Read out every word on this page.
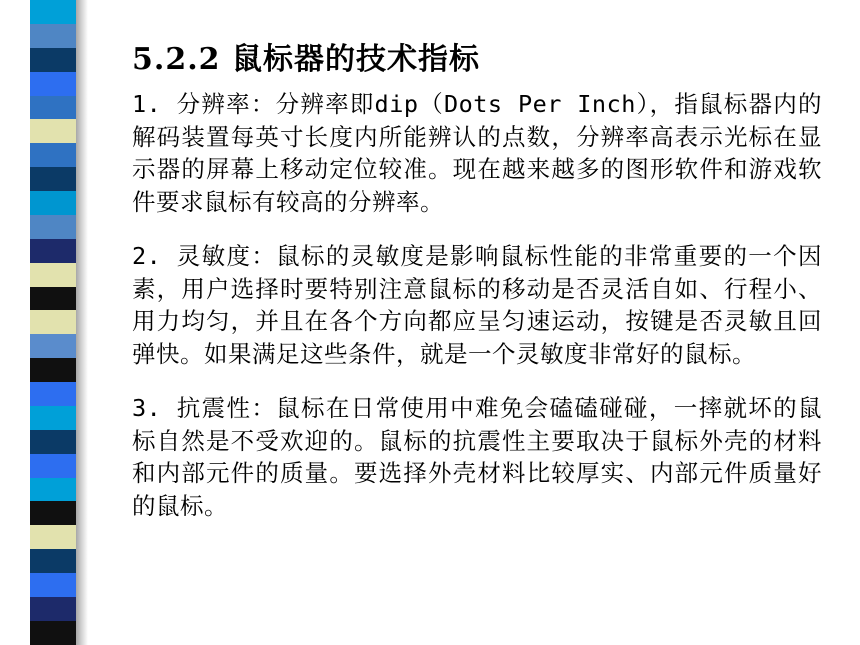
5.2.2 鼠标器的技术指标

1. 分辨率：分辨率即dip（Dots Per Inch），指鼠标器内的解码装置每英寸长度内所能辨认的点数，分辨率高表示光标在显示器的屏幕上移动定位较准。现在越来越多的图形软件和游戏软件要求鼠标有较高的分辨率。

2. 灵敏度：鼠标的灵敏度是影响鼠标性能的非常重要的一个因素，用户选择时要特别注意鼠标的移动是否灵活自如、行程小、用力均匀，并且在各个方向都应呈匀速运动，按键是否灵敏且回弹快。如果满足这些条件，就是一个灵敏度非常好的鼠标。

3. 抗震性：鼠标在日常使用中难免会磕磕碰碰，一摔就坏的鼠标自然是不受欢迎的。鼠标的抗震性主要取决于鼠标外壳的材料和内部元件的质量。要选择外壳材料比较厚实、内部元件质量好的鼠标。
